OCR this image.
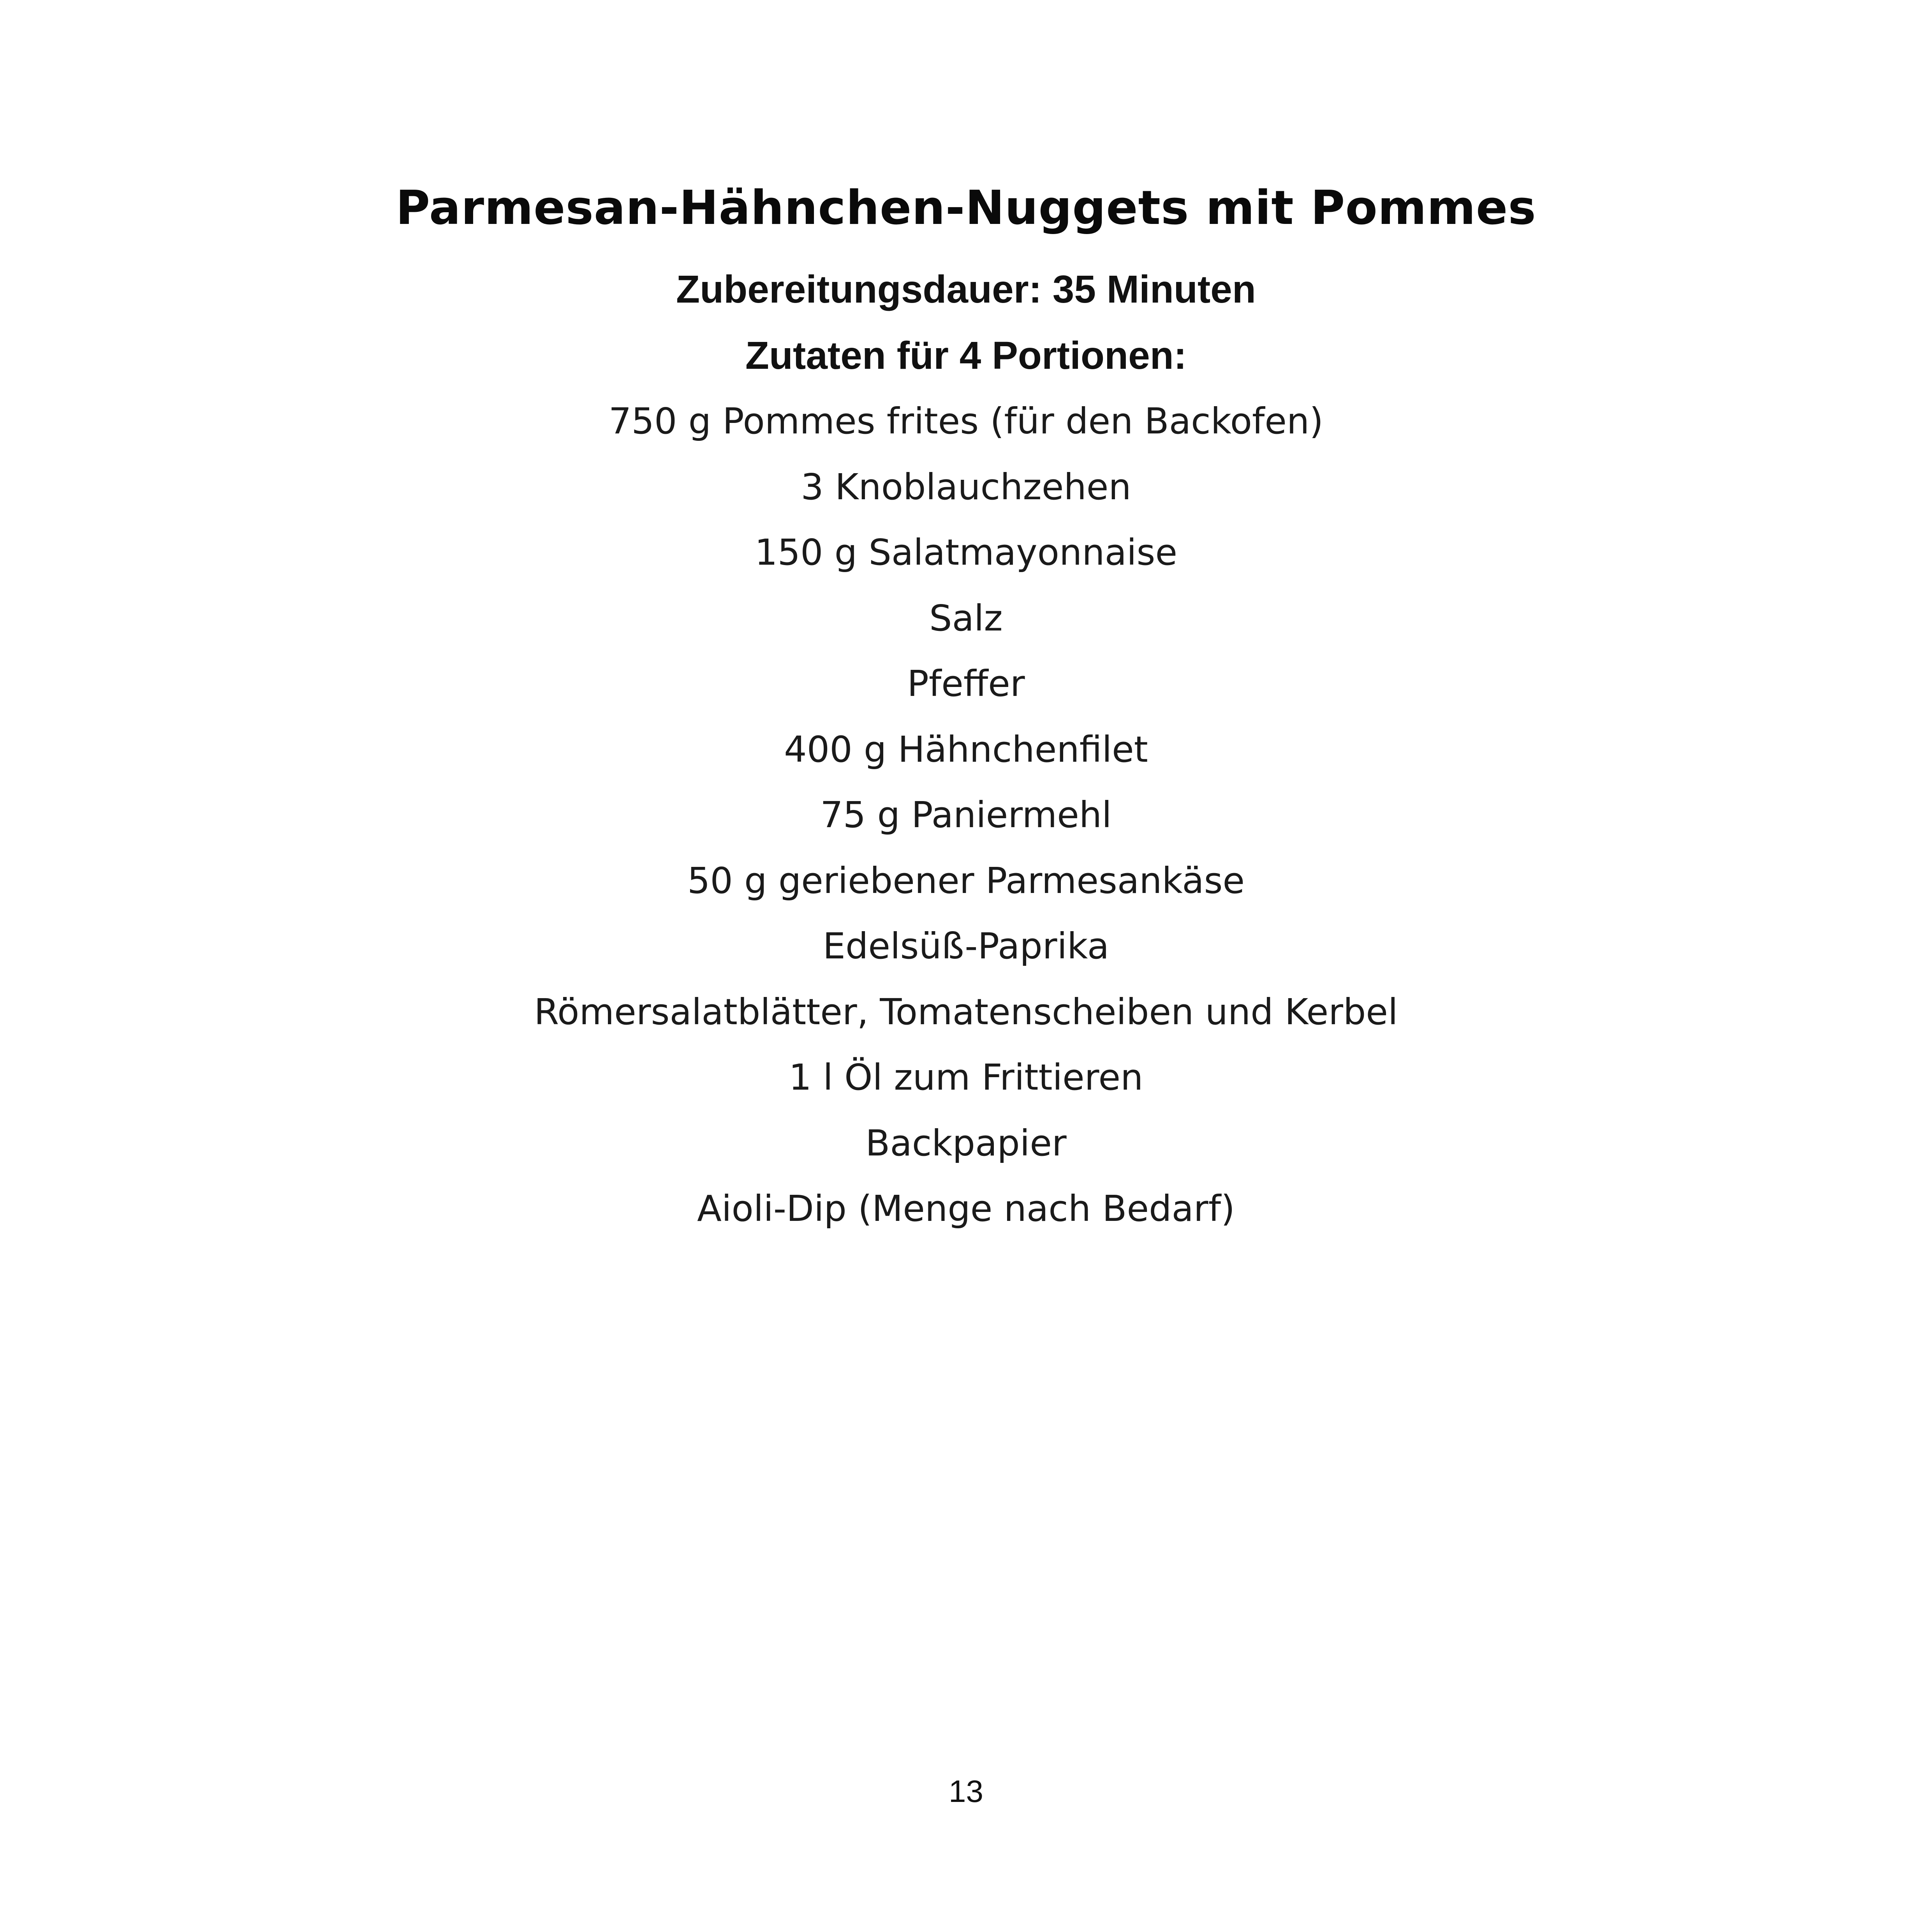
Parmesan-Hähnchen-Nuggets mit Pommes

Zubereitungsdauer: 35 Minuten

Zutaten für 4 Portionen:

750 g Pommes frites (für den Backofen)
3 Knoblauchzehen
150 g Salatmayonnaise
Salz
Pfeffer
400 g Hähnchenfilet
75 g Paniermehl
50 g geriebener Parmesankäse
Edelsüß-Paprika
Römersalatblätter, Tomatenscheiben und Kerbel
1 l Öl zum Frittieren
Backpapier
Aioli-Dip (Menge nach Bedarf)
13
